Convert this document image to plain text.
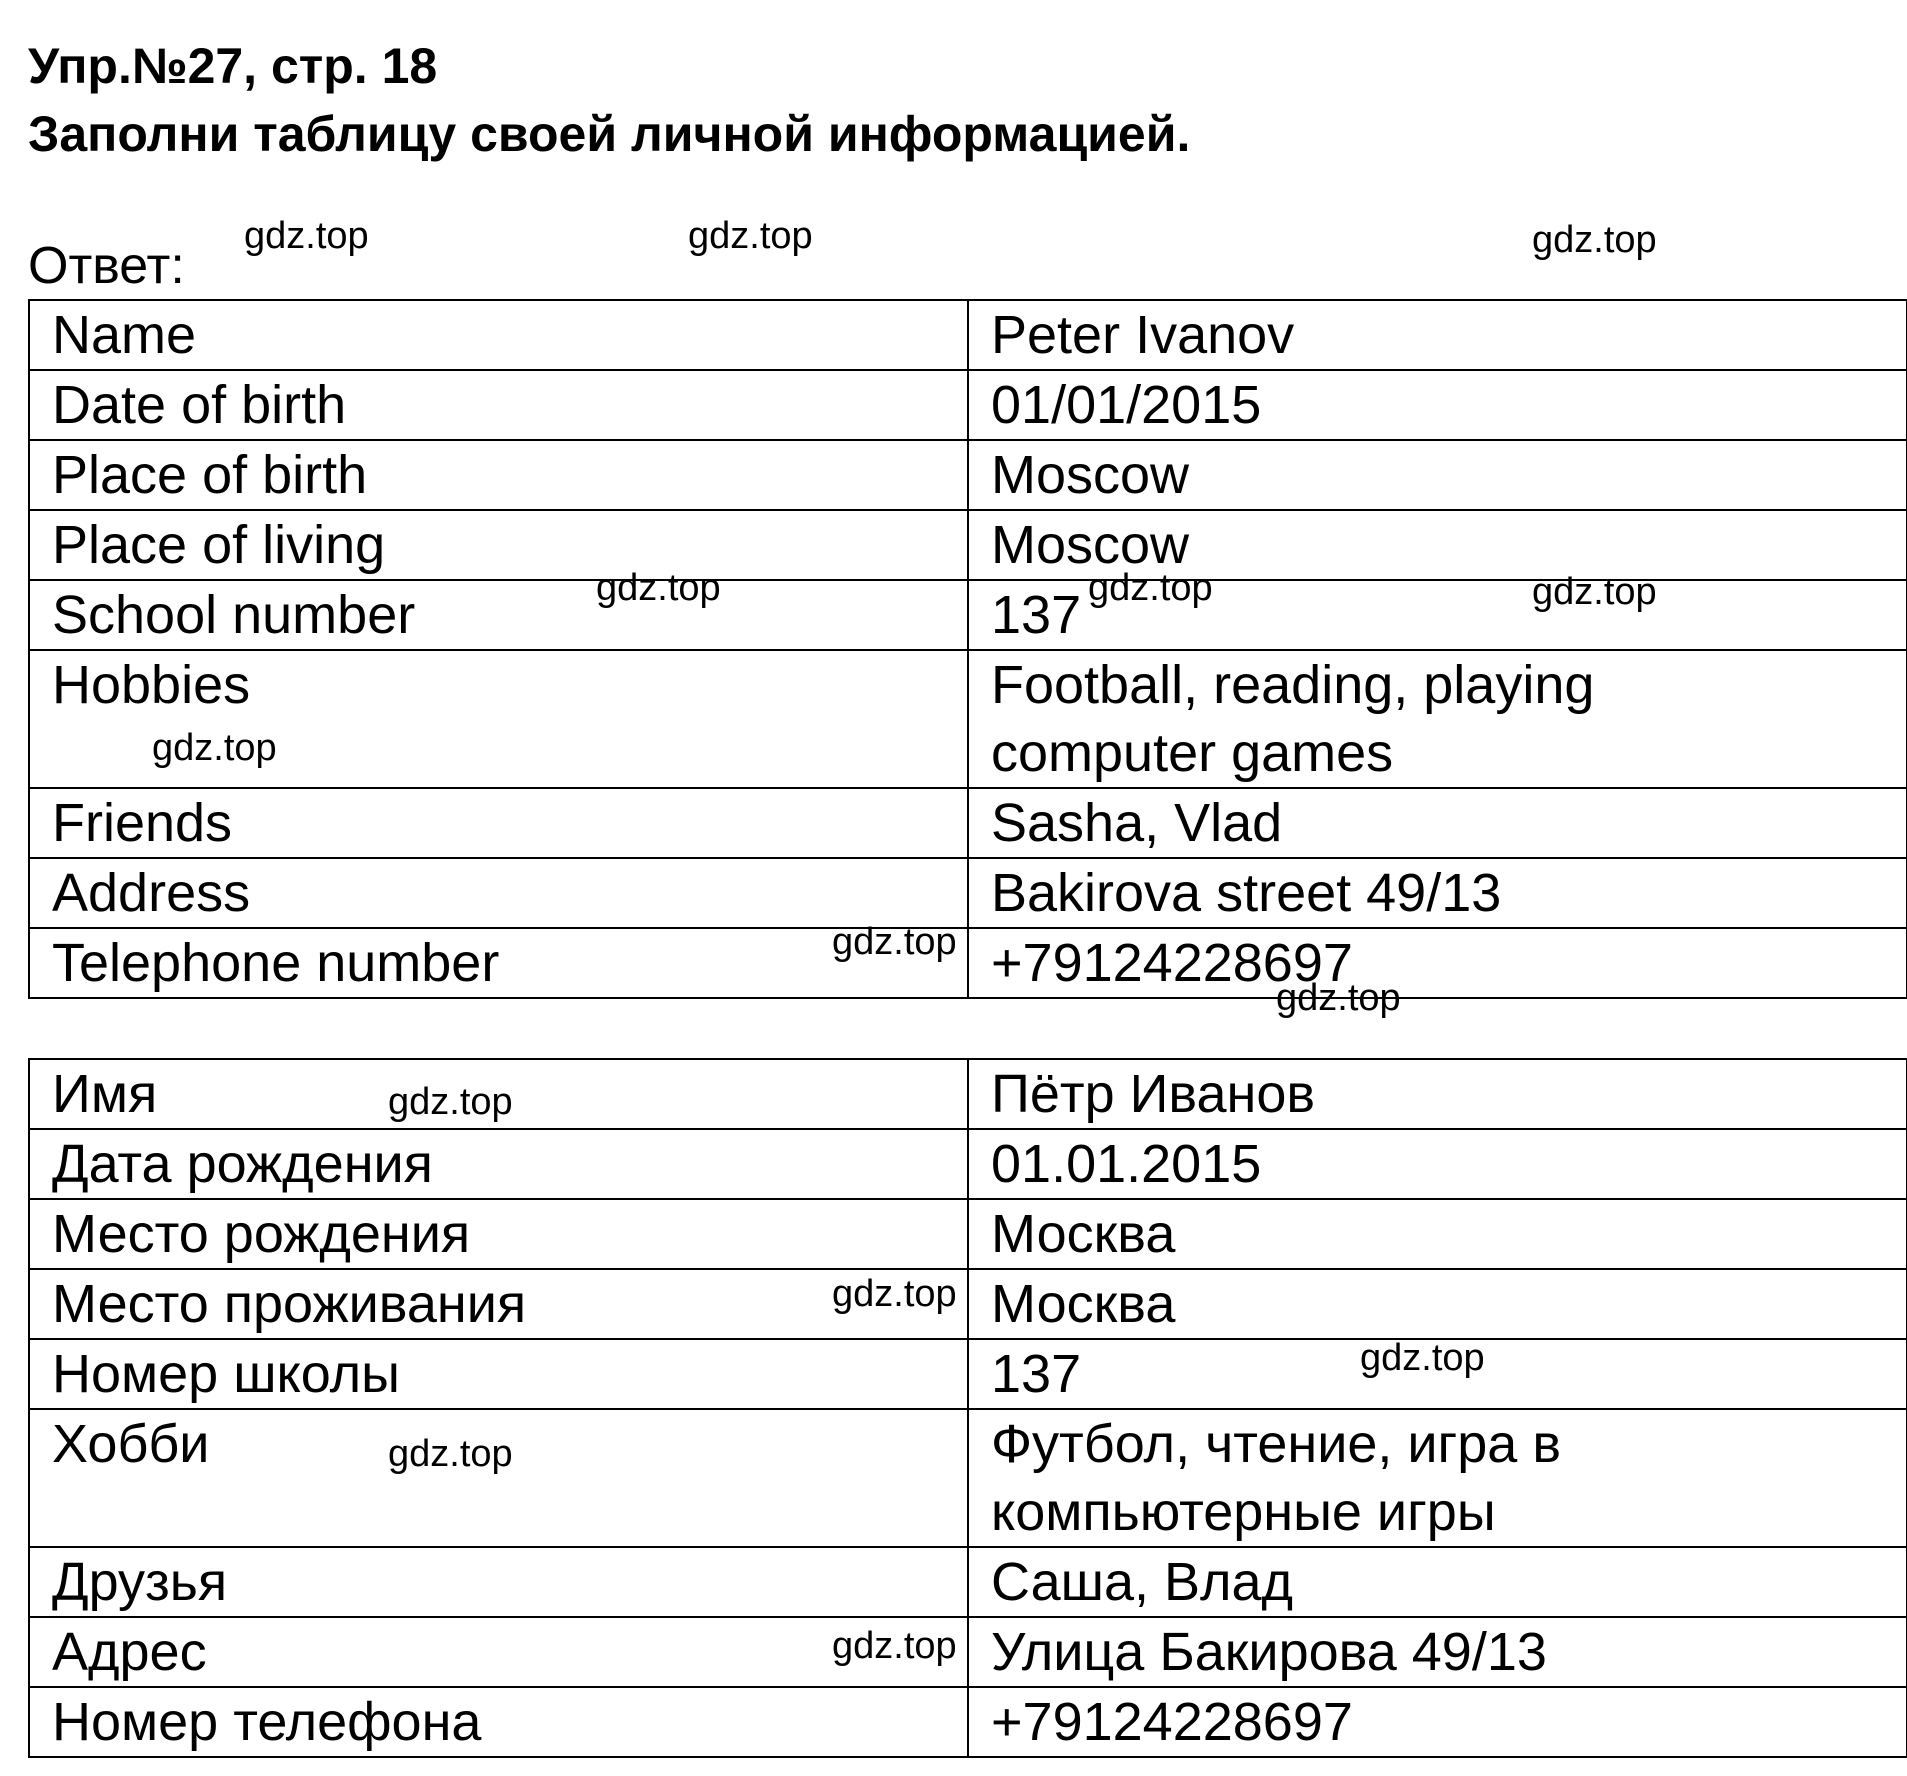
Упр.№27, стр. 18
Заполни таблицу своей личной информацией.
Ответ:
Name	Peter Ivanov
Date of birth	01/01/2015
Place of birth	Moscow
Place of living	Moscow
School number	137
Hobbies	Football, reading, playing computer games
Friends	Sasha, Vlad
Address	Bakirova street 49/13
Telephone number	+79124228697
Имя	Пётр Иванов
Дата рождения	01.01.2015
Место рождения	Москва
Место проживания	Москва
Номер школы	137
Хобби	Футбол, чтение, игра в компьютерные игры
Друзья	Саша, Влад
Адрес	Улица Бакирова 49/13
Номер телефона	+79124228697
gdz.top	gdz.top	gdz.top
gdz.top	gdz.top	gdz.top
gdz.top
gdz.top
gdz.top
gdz.top
gdz.top
gdz.top
gdz.top
gdz.top
